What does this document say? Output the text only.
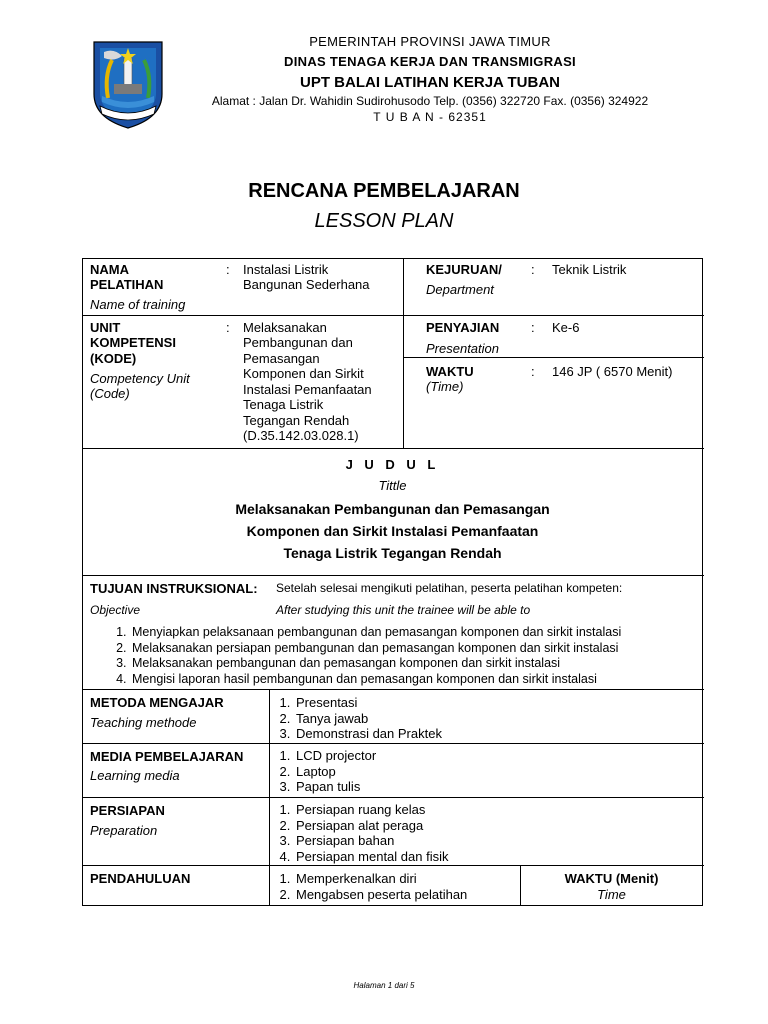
PEMERINTAH PROVINSI JAWA TIMUR
DINAS TENAGA KERJA DAN TRANSMIGRASI
UPT BALAI LATIHAN KERJA TUBAN
Alamat : Jalan Dr. Wahidin Sudirohusodo Telp. (0356) 322720 Fax. (0356) 324922
T U B A N - 62351
RENCANA PEMBELAJARAN
LESSON PLAN
NAMA
PELATIHAN
Name of training
: Instalasi Listrik
Bangunan Sederhana
KEJURUAN/
Department
: Teknik Listrik
UNIT
KOMPETENSI
(KODE)
Competency Unit
(Code)
: Melaksanakan
Pembangunan dan
Pemasangan
Komponen dan Sirkit
Instalasi Pemanfaatan
Tenaga Listrik
Tegangan Rendah
(D.35.142.03.028.1)
PENYAJIAN
Presentation
: Ke-6
WAKTU
(Time)
: 146 JP ( 6570 Menit)
J U D U L
Tittle
Melaksanakan Pembangunan dan Pemasangan
Komponen dan Sirkit Instalasi Pemanfaatan
Tenaga Listrik Tegangan Rendah
TUJUAN INSTRUKSIONAL: Setelah selesai mengikuti pelatihan, peserta pelatihan kompeten:
Objective	After studying this unit the trainee will be able to
1. Menyiapkan pelaksanaan pembangunan dan pemasangan komponen dan sirkit instalasi
2. Melaksanakan persiapan pembangunan dan pemasangan komponen dan sirkit instalasi
3. Melaksanakan pembangunan dan pemasangan komponen dan sirkit instalasi
4. Mengisi laporan hasil pembangunan dan pemasangan komponen dan sirkit instalasi
METODA MENGAJAR
Teaching methode
1. Presentasi
2. Tanya jawab
3. Demonstrasi dan Praktek
MEDIA PEMBELAJARAN
Learning media
1. LCD projector
2. Laptop
3. Papan tulis
PERSIAPAN
Preparation
1. Persiapan ruang kelas
2. Persiapan alat peraga
3. Persiapan bahan
4. Persiapan mental dan fisik
PENDAHULUAN
1.	Memperkenalkan diri
2. Mengabsen peserta pelatihan
WAKTU (Menit)
Time
Halaman 1 dari 5
